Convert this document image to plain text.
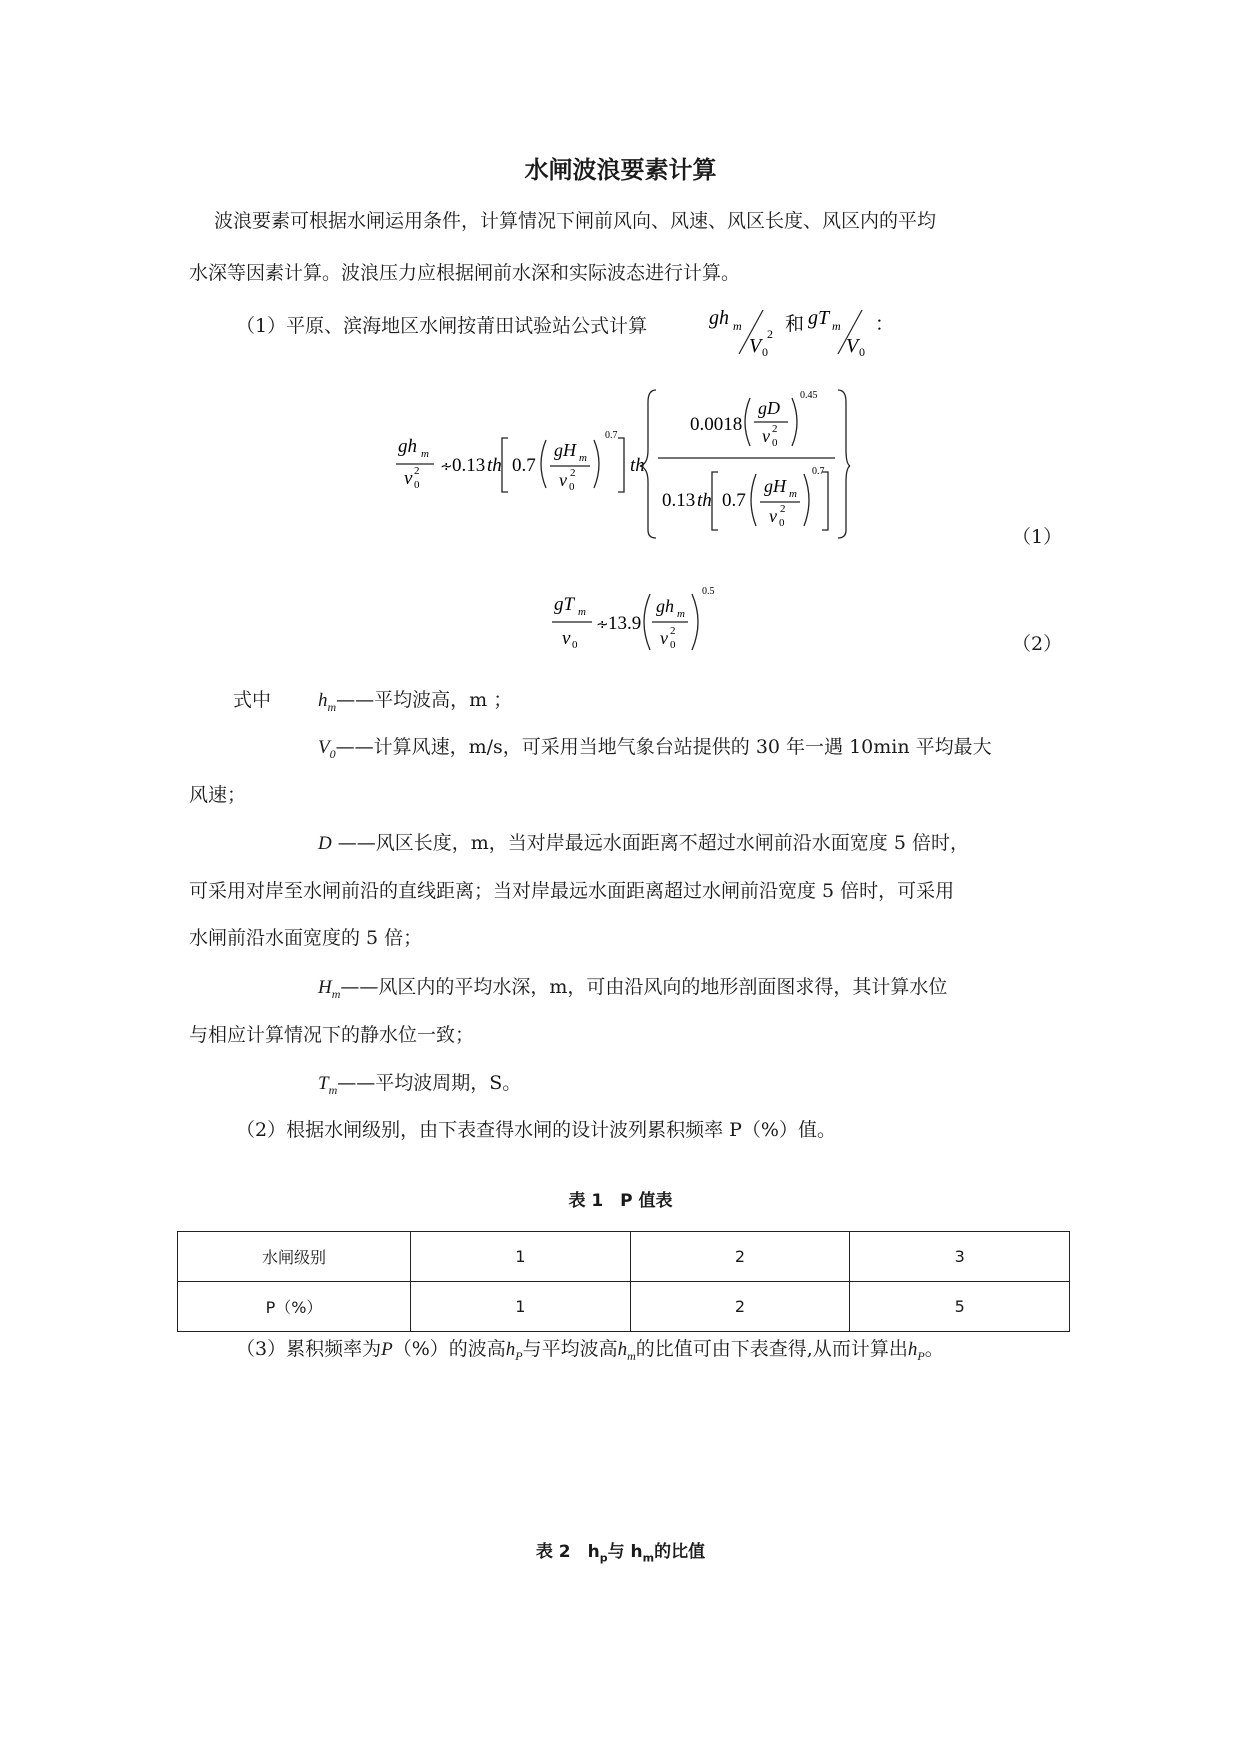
水闸波浪要素计算
波浪要素可根据水闸运用条件，计算情况下闸前风向、风速、风区长度、风区内的平均
水深等因素计算。波浪压力应根据闸前水深和实际波态进行计算。
（1）平原、滨海地区水闸按莆田试验站公式计算	gh m
V 0
2 和 gT m
V 0
：
gh m
v 0
2 ∻ 0.13 th 0.7
gH m
v 0
2
0.7
th
0.0018
gD
v 0
2
0.45
0.13 th 0.7
gH m
v 0
2
0.7
（1）
gT m
v 0
∻ 13.9
gh m
v 0
2
0.5
（2）
式中 $h_m——$平均波高，m ；
$V_0——$计算风速，m/s，可采用当地气象台站提供的 30 年一遇 10min 平均最大
风速；
D ——风区长度，m，当对岸最远水面距离不超过水闸前沿水面宽度 5 倍时，
可采用对岸至水闸前沿的直线距离；当对岸最远水面距离超过水闸前沿宽度 5 倍时，可采用
水闸前沿水面宽度的 5 倍；
$H_m——$风区内的平均水深，m，可由沿风向的地形剖面图求得，其计算水位
与相应计算情况下的静水位一致；
$T_m——$平均波周期，S。
（2）根据水闸级别，由下表查得水闸的设计波列累积频率 P（%）值。
表 1　P 值表
水闸级别	1	2	3
P（%）	1	2	5
（3）累积频率为P（%）的波高$h_P$与平均波高$h_m$的比值可由下表查得,从而计算出$h_P$。
表 2　$h_p$与 $h_m$的比值
